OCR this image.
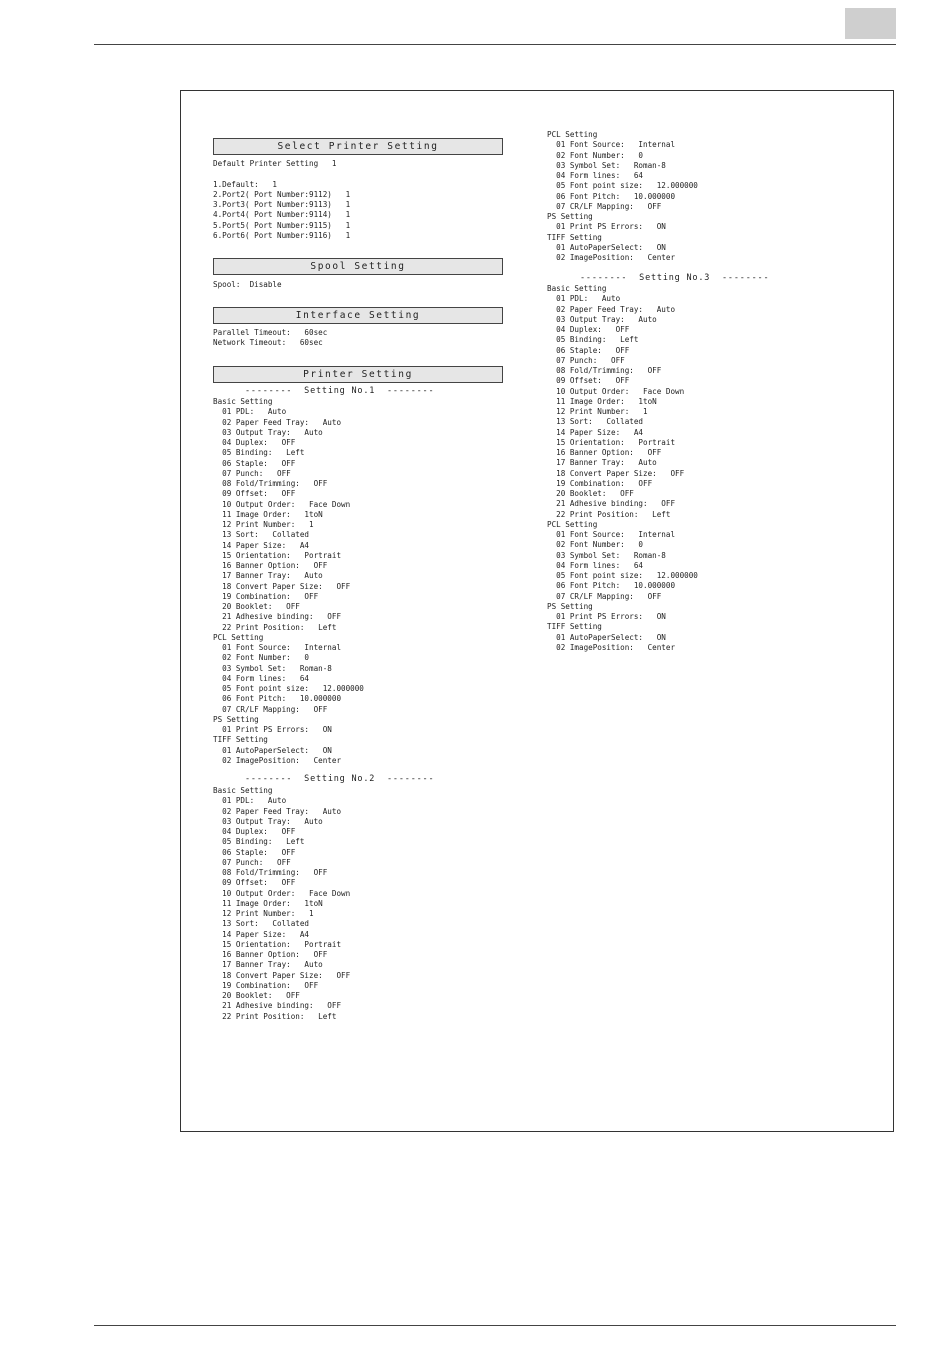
Select Printer Setting
Default Printer Setting   1

1.Default:   1
2.Port2( Port Number:9112)   1
3.Port3( Port Number:9113)   1
4.Port4( Port Number:9114)   1
5.Port5( Port Number:9115)   1
6.Port6( Port Number:9116)   1
Spool Setting
Spool:  Disable
Interface Setting
Parallel Timeout:   60sec
Network Timeout:   60sec
Printer Setting
--------  Setting No.1  --------
Basic Setting
01 PDL:   Auto
02 Paper Feed Tray:   Auto
03 Output Tray:   Auto
04 Duplex:   OFF
05 Binding:   Left
06 Staple:   OFF
07 Punch:   OFF
08 Fold/Trimming:   OFF
09 Offset:   OFF
10 Output Order:   Face Down
11 Image Order:   1toN
12 Print Number:   1
13 Sort:   Collated
14 Paper Size:   A4
15 Orientation:   Portrait
16 Banner Option:   OFF
17 Banner Tray:   Auto
18 Convert Paper Size:   OFF
19 Combination:   OFF
20 Booklet:   OFF
21 Adhesive binding:   OFF
22 Print Position:   Left
PCL Setting
01 Font Source:   Internal
02 Font Number:   0
03 Symbol Set:   Roman-8
04 Form lines:   64
05 Font point size:   12.000000
06 Font Pitch:   10.000000
07 CR/LF Mapping:   OFF
PS Setting
01 Print PS Errors:   ON
TIFF Setting
01 AutoPaperSelect:   ON
02 ImagePosition:   Center
--------  Setting No.2  --------
Basic Setting
01 PDL:   Auto
02 Paper Feed Tray:   Auto
03 Output Tray:   Auto
04 Duplex:   OFF
05 Binding:   Left
06 Staple:   OFF
07 Punch:   OFF
08 Fold/Trimming:   OFF
09 Offset:   OFF
10 Output Order:   Face Down
11 Image Order:   1toN
12 Print Number:   1
13 Sort:   Collated
14 Paper Size:   A4
15 Orientation:   Portrait
16 Banner Option:   OFF
17 Banner Tray:   Auto
18 Convert Paper Size:   OFF
19 Combination:   OFF
20 Booklet:   OFF
21 Adhesive binding:   OFF
22 Print Position:   Left
PCL Setting
01 Font Source:   Internal
02 Font Number:   0
03 Symbol Set:   Roman-8
04 Form lines:   64
05 Font point size:   12.000000
06 Font Pitch:   10.000000
07 CR/LF Mapping:   OFF
PS Setting
01 Print PS Errors:   ON
TIFF Setting
01 AutoPaperSelect:   ON
02 ImagePosition:   Center
--------  Setting No.3  --------
Basic Setting
01 PDL:   Auto
02 Paper Feed Tray:   Auto
03 Output Tray:   Auto
04 Duplex:   OFF
05 Binding:   Left
06 Staple:   OFF
07 Punch:   OFF
08 Fold/Trimming:   OFF
09 Offset:   OFF
10 Output Order:   Face Down
11 Image Order:   1toN
12 Print Number:   1
13 Sort:   Collated
14 Paper Size:   A4
15 Orientation:   Portrait
16 Banner Option:   OFF
17 Banner Tray:   Auto
18 Convert Paper Size:   OFF
19 Combination:   OFF
20 Booklet:   OFF
21 Adhesive binding:   OFF
22 Print Position:   Left
PCL Setting
01 Font Source:   Internal
02 Font Number:   0
03 Symbol Set:   Roman-8
04 Form lines:   64
05 Font point size:   12.000000
06 Font Pitch:   10.000000
07 CR/LF Mapping:   OFF
PS Setting
01 Print PS Errors:   ON
TIFF Setting
01 AutoPaperSelect:   ON
02 ImagePosition:   Center
